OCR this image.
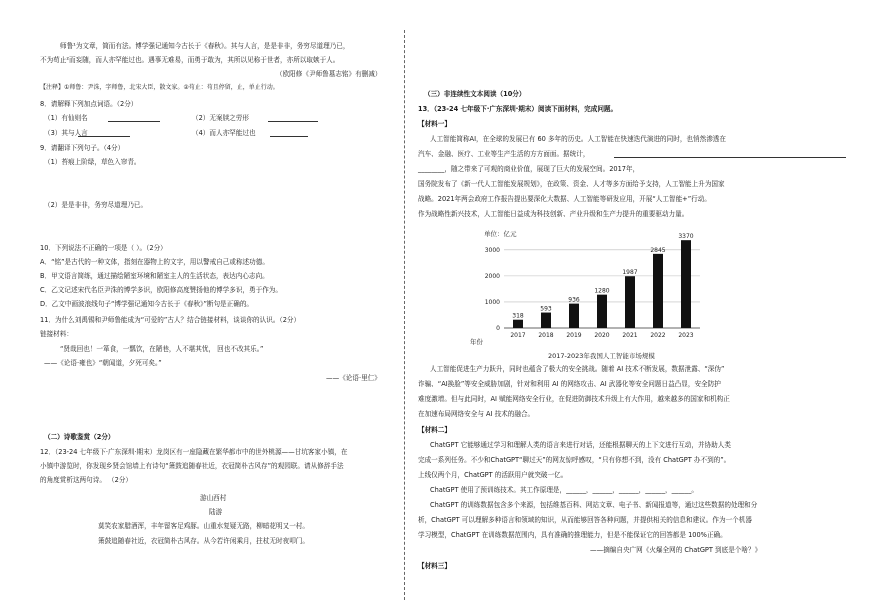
师鲁¹为文章，简而有法。博学强记通知今古长于《春秋》。其与人言，是是非非，务穷尽道理乃已，
不为苟止²而妄随，而人亦罕能过也。遇事无难易，而勇于敢为，其所以见称于世者，亦所以取嫉于人。
（欧阳修《尹师鲁墓志铭》有删减）
【注释】①师鲁：尹洙，字师鲁，北宋大臣，散文家。②苟止：苟且停留，止，单止行动。
8．请解释下列加点词语。（2分）
（1）有仙则名	（2）无案牍之劳形
（3）其与人言	（4）而人亦罕能过也
9．请翻译下列句子。（4分）
（1）苔痕上阶绿，草色入帘青。
（2）是是非非，务穷尽道理乃已。
10．下列说法不正确的一项是（ ）。（2分）
A．“铭”是古代的一种文体，指刻在器物上的文字，用以警戒自己或称述功德。
B．甲文语言简练，通过描绘陋室环境和陋室主人的生活状态，表达内心志向。
C．乙文记述宋代名臣尹洙的博学多识，欧阳修高度赞扬他的博学多识，勇于作为。
D．乙文中画波浪线句子“博学强记通知今古长于《春秋》”断句是正确的。
11．为什么刘禹锡和尹师鲁能成为“可爱的”古人？结合链接材料，谈谈你的认识。（2分）
链接材料：
“贤哉回也！一箪食，一瓢饮，在陋巷，人不堪其忧， 回也不改其乐。”
——《论语·雍也》“朝闻道，夕死可矣。”
——《论语·里仁》
（二）诗歌鉴赏（2分）
12．（23-24 七年级下·广东深圳·期末）龙岗区有一座隐藏在繁华都市中的世外桃源——甘坑客家小镇，在
小镇中游览时，你发现乡贤会馆墙上有诗句“箫鼓追随春社近，衣冠简朴古风存”的观园联。请从修辞手法
的角度赏析这两句诗。 （2分）
游山西村
陆游
莫笑农家腊酒浑，丰年留客足鸡豚。山重水复疑无路，柳暗花明又一村。
箫鼓追随春社近，衣冠简朴古风存。从今若许闲乘月，拄杖无时夜叩门。
（三）非连续性文本阅读（10分）
13．（23-24 七年级下·广东深圳·期末）阅读下面材料，完成问题。
【材料一】
人工智能简称AI，在全球的发展已有 60 多年的历史。人工智能在快速迭代演进的同时，也悄然渗透在
汽车、金融、医疗、工业等生产生活的方方面面。据统计，
________，随之带来了可观的商业价值，展现了巨大的发展空间。2017年，
国务院发布了《新一代人工智能发展规划》，在政策、资金、人才等多方面给予支持，人工智能上升为国家
战略。2021年两会政府工作报告提出要深化大数据、人工智能等研发应用，开展“人工智能+”行动。
作为战略性新兴技术，人工智能日益成为科技创新、产业升级和生产力提升的重要驱动力量。
单位：亿元
年份
2017-2023年我国人工智能市场规模
0
1000
2000
3000
318
2017
593
2018
936
2019
1280
2020
1987
2021
2845
2022
3370
2023
人工智能促进生产力跃升，同时也蕴含了极大的安全挑战。随着 AI 技术不断发展，数据泄露、“深伪”
诈骗、“AI换脸”等安全威胁加剧，针对和利用 AI 的网络攻击、AI 武器化等安全问题日益凸显，安全防护
难度激增。但与此同时，AI 赋能网络安全行业，在促进防御技术升级上有大作用，越来越多的国家和机构正
在加速布局网络安全与 AI 技术的融合。
【材料二】
ChatGPT 它能够通过学习和理解人类的语言来进行对话，还能根据聊天的上下文进行互动，并协助人类
完成一系列任务。不少和ChatGPT“聊过天”的网友惊呼感叹，“只有你想不到，没有 ChatGPT 办不到的”。
上线仅两个月，ChatGPT 的活跃用户就突破一亿。
ChatGPT 使用了预训练技术。其工作原理是，______，______，______，______，______。
ChatGPT 的训练数据包含多个来源，包括维基百科、网站文章、电子书、新闻报道等，通过这些数据的处理和分
析，ChatGPT 可以理解多种语言和领域的知识，从而能够回答各种问题，并提供相关的信息和建议。作为一个机器
学习模型，ChatGPT 在训练数据范围内，具有准确的推理能力，但是不能保证它的回答都是 100%正确。
——摘编自央广网《火爆全网的 ChatGPT 到底是个啥？》
【材料三】
